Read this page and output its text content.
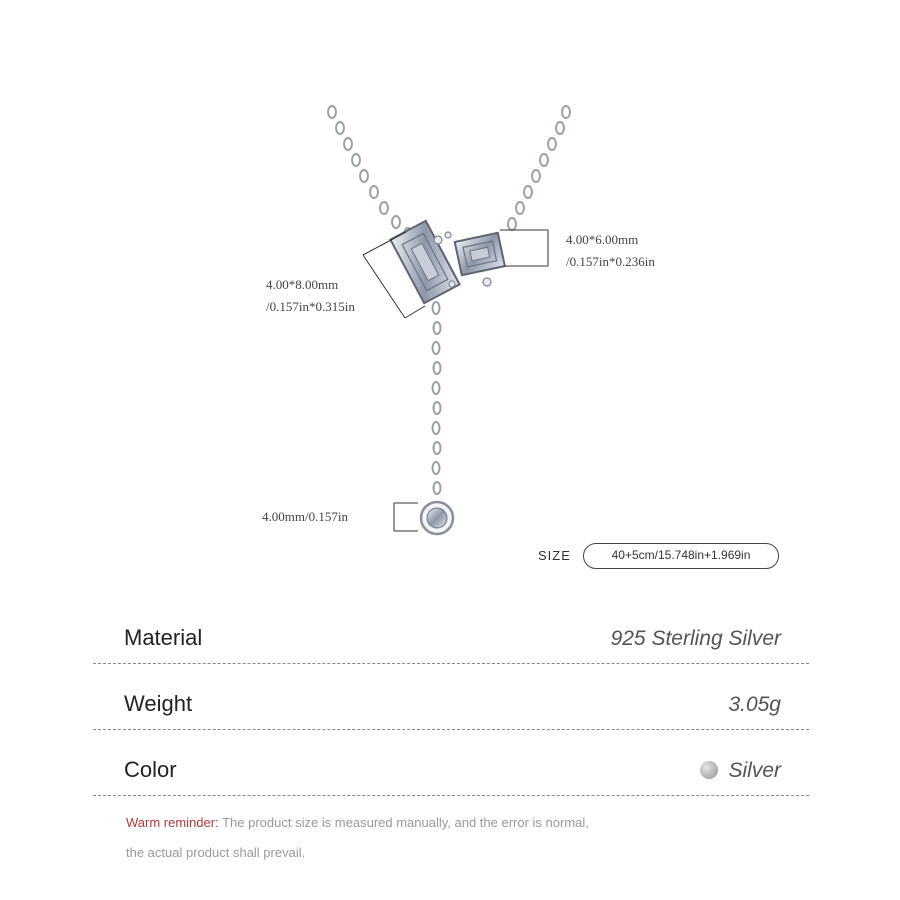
4.00*8.00mm
/0.157in*0.315in
4.00*6.00mm
/0.157in*0.236in
4.00mm/0.157in
SIZE	40+5cm/15.748in+1.969in
Material	925 Sterling Silver
Weight	3.05g
Color	Silver
Warm reminder: The product size is measured manually, and the error is normal,
the actual product shall prevail.
